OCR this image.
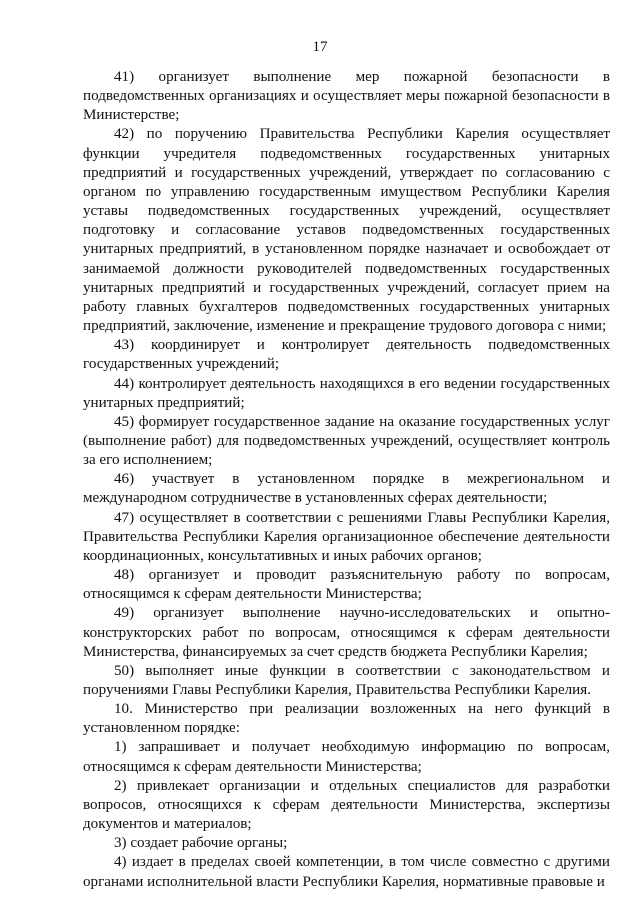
17

41) организует выполнение мер пожарной безопасности в подведомственных организациях и осуществляет меры пожарной безопасности в Министерстве;

42) по поручению Правительства Республики Карелия осуществляет функции учредителя подведомственных государственных унитарных предприятий и государственных учреждений, утверждает по согласованию с органом по управлению государственным имуществом Республики Карелия уставы подведомственных государственных учреждений, осуществляет подготовку и согласование уставов подведомственных государственных унитарных предприятий, в установленном порядке назначает и освобождает от занимаемой должности руководителей подведомственных государственных унитарных предприятий и государственных учреждений, согласует прием на работу главных бухгалтеров подведомственных государственных унитарных предприятий, заключение, изменение и прекращение трудового договора с ними;

43) координирует и контролирует деятельность подведомственных государственных учреждений;

44) контролирует деятельность находящихся в его ведении государственных унитарных предприятий;

45) формирует государственное задание на оказание государственных услуг (выполнение работ) для подведомственных учреждений, осуществляет контроль за его исполнением;

46) участвует в установленном порядке в межрегиональном и международном сотрудничестве в установленных сферах деятельности;

47) осуществляет в соответствии с решениями Главы Республики Карелия, Правительства Республики Карелия организационное обеспечение деятельности координационных, консультативных и иных рабочих органов;

48) организует и проводит разъяснительную работу по вопросам, относящимся к сферам деятельности Министерства;

49) организует выполнение научно-исследовательских и опытно-конструкторских работ по вопросам, относящимся к сферам деятельности Министерства, финансируемых за счет средств бюджета Республики Карелия;

50) выполняет иные функции в соответствии с законодательством и поручениями Главы Республики Карелия, Правительства Республики Карелия.

10. Министерство при реализации возложенных на него функций в установленном порядке:

1) запрашивает и получает необходимую информацию по вопросам, относящимся к сферам деятельности Министерства;

2) привлекает организации и отдельных специалистов для разработки вопросов, относящихся к сферам деятельности Министерства, экспертизы документов и материалов;

3) создает рабочие органы;

4) издает в пределах своей компетенции, в том числе совместно с другими органами исполнительной власти Республики Карелия, нормативные правовые и
